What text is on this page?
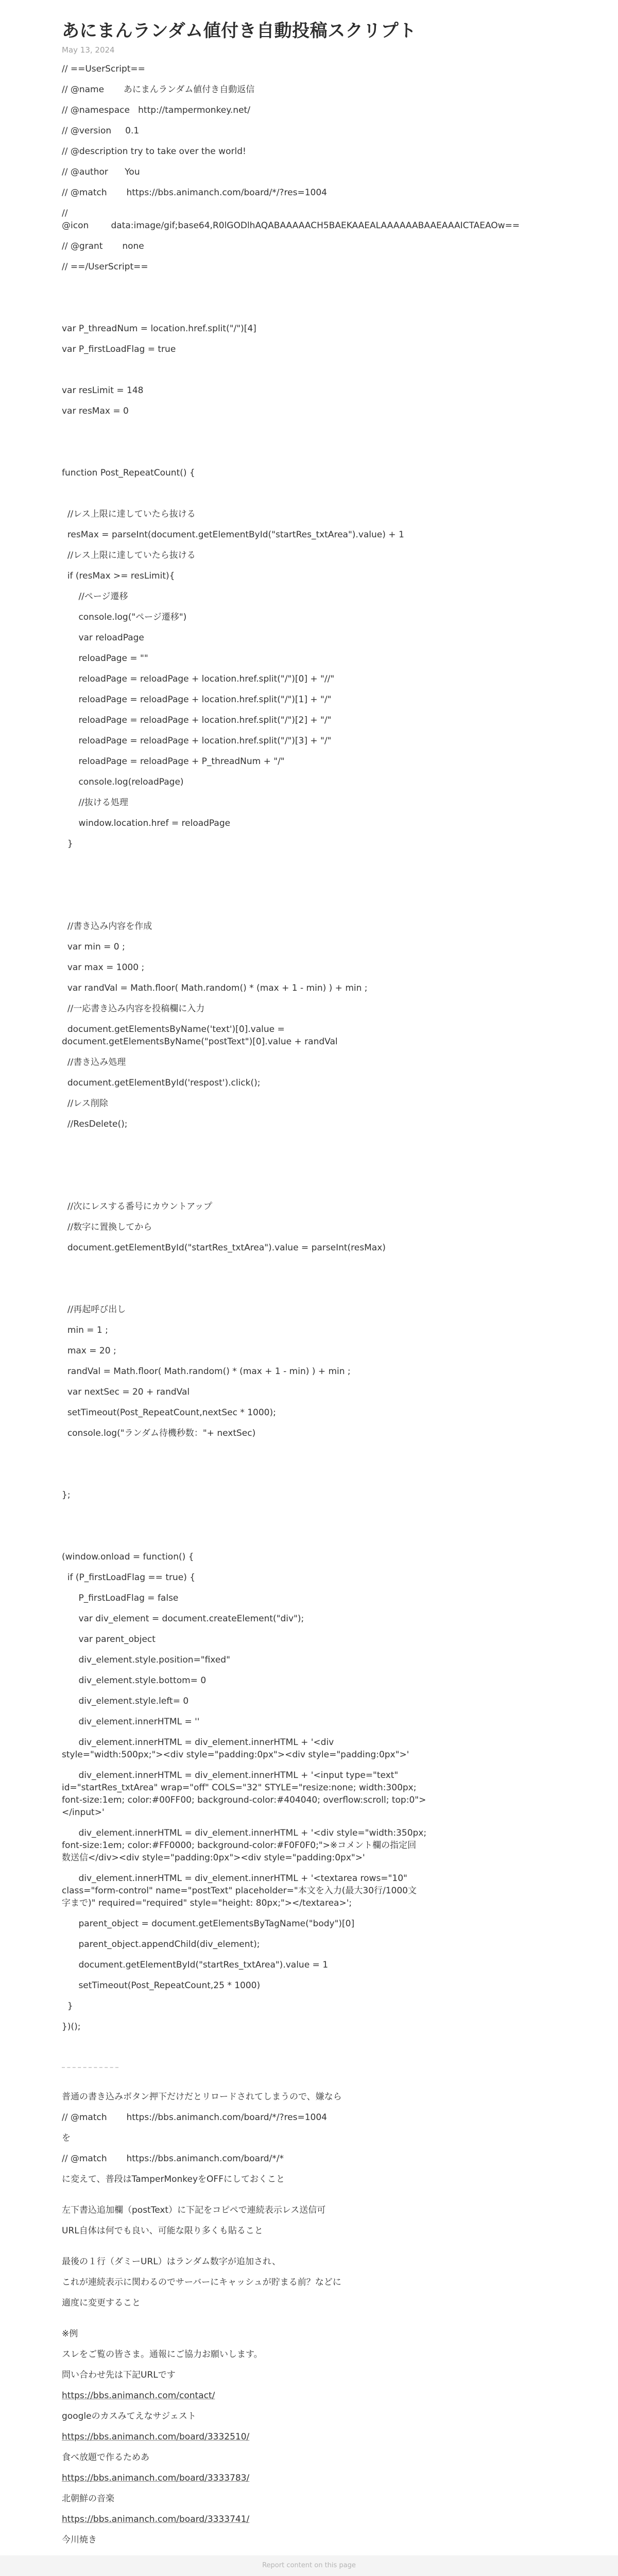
あにまんランダム値付き自動投稿スクリプト
May 13, 2024
// ==UserScript==
// @name       あにまんランダム値付き自動返信
// @namespace   http://tampermonkey.net/
// @version     0.1
// @description try to take over the world!
// @author      You
// @match       https://bbs.animanch.com/board/*/?res=1004
//
@icon        data:image/gif;base64,R0lGODlhAQABAAAAACH5BAEKAAEALAAAAAABAAEAAAICTAEAOw==
// @grant       none
// ==/UserScript==
var P_threadNum = location.href.split("/")[4]
var P_firstLoadFlag = true
var resLimit = 148
var resMax = 0
function Post_RepeatCount() {
//レス上限に達していたら抜ける
resMax = parseInt(document.getElementById("startRes_txtArea").value) + 1
//レス上限に達していたら抜ける
if (resMax >= resLimit){
//ページ遷移
console.log("ページ遷移")
var reloadPage
reloadPage = ""
reloadPage = reloadPage + location.href.split("/")[0] + "//"
reloadPage = reloadPage + location.href.split("/")[1] + "/"
reloadPage = reloadPage + location.href.split("/")[2] + "/"
reloadPage = reloadPage + location.href.split("/")[3] + "/"
reloadPage = reloadPage + P_threadNum + "/"
console.log(reloadPage)
//抜ける処理
window.location.href = reloadPage
}
//書き込み内容を作成
var min = 0 ;
var max = 1000 ;
var randVal = Math.floor( Math.random() * (max + 1 - min) ) + min ;
//一応書き込み内容を投稿欄に入力
document.getElementsByName('text')[0].value =
document.getElementsByName("postText")[0].value + randVal
//書き込み処理
document.getElementById('respost').click();
//レス削除
//ResDelete();
//次にレスする番号にカウントアップ
//数字に置換してから
document.getElementById("startRes_txtArea").value = parseInt(resMax)
//再起呼び出し
min = 1 ;
max = 20 ;
randVal = Math.floor( Math.random() * (max + 1 - min) ) + min ;
var nextSec = 20 + randVal
setTimeout(Post_RepeatCount,nextSec * 1000);
console.log("ランダム待機秒数："+ nextSec)
};
(window.onload = function() {
if (P_firstLoadFlag == true) {
P_firstLoadFlag = false
var div_element = document.createElement("div");
var parent_object
div_element.style.position="fixed"
div_element.style.bottom= 0
div_element.style.left= 0
div_element.innerHTML = ''
div_element.innerHTML = div_element.innerHTML + '<div
style="width:500px;"><div style="padding:0px"><div style="padding:0px">'
div_element.innerHTML = div_element.innerHTML + '<input type="text"
id="startRes_txtArea" wrap="off" COLS="32" STYLE="resize:none; width:300px;
font-size:1em; color:#00FF00; background-color:#404040; overflow:scroll; top:0">
</input>'
div_element.innerHTML = div_element.innerHTML + '<div style="width:350px;
font-size:1em; color:#FF0000; background-color:#F0F0F0;">※コメント欄の指定回
数送信</div><div style="padding:0px"><div style="padding:0px">'
div_element.innerHTML = div_element.innerHTML + '<textarea rows="10"
class="form-control" name="postText" placeholder="本文を入力(最大30行/1000文
字まで)" required="required" style="height: 80px;"></textarea>';
parent_object = document.getElementsByTagName("body")[0]
parent_object.appendChild(div_element);
document.getElementById("startRes_txtArea").value = 1
setTimeout(Post_RepeatCount,25 * 1000)
}
})();
普通の書き込みボタン押下だけだとリロードされてしまうので、嫌なら
// @match       https://bbs.animanch.com/board/*/?res=1004
を
// @match       https://bbs.animanch.com/board/*/*
に変えて、普段はTamperMonkeyをOFFにしておくこと
左下書込追加欄（postText）に下記をコピペで連続表示レス送信可
URL自体は何でも良い、可能な限り多くも貼ること
最後の１行（ダミーURL）はランダム数字が追加され、
これが連続表示に関わるのでサーバーにキャッシュが貯まる前？などに
適度に変更すること
※例
スレをご覧の皆さま。通報にご協力お願いします。
問い合わせ先は下記URLです
https://bbs.animanch.com/contact/
googleのカスみてえなサジェスト
https://bbs.animanch.com/board/3332510/
食べ放題で作るためあ
https://bbs.animanch.com/board/3333783/
北朝鮮の音楽
https://bbs.animanch.com/board/3333741/
今川焼き
Report content on this page
